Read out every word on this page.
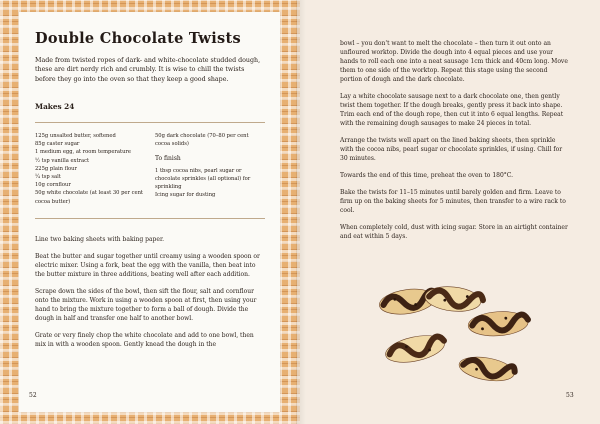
Double Chocolate Twists
Made from twisted ropes of dark- and white-chocolate studded dough, these are dirt nerdy rich and crumbly. It is wise to chill the twists before they go into the oven so that they keep a good shape.
Makes 24
125g unsalted butter, softened
85g caster sugar
1 medium egg, at room temperature
½ tsp vanilla extract
225g plain flour
¼ tsp salt
10g cornflour
50g white chocolate (at least 30 per cent cocoa butter)
50g dark chocolate (70–80 per cent cocoa solids)
To finish
1 tbsp cocoa nibs, pearl sugar or chocolate sprinkles (all optional) for sprinkling
Icing sugar for dusting

Line two baking sheets with baking paper.

Beat the butter and sugar together until creamy using a wooden spoon or electric mixer. Using a fork, beat the egg with the vanilla, then beat into the butter mixture in three additions, beating well after each addition.

Scrape down the sides of the bowl, then sift the flour, salt and cornflour onto the mixture. Work in using a wooden spoon at first, then using your hand to bring the mixture together to form a ball of dough. Divide the dough in half and transfer one half to another bowl.

Grate or very finely chop the white chocolate and add to one bowl, then mix in with a wooden spoon. Gently knead the dough in the

52

bowl – you don't want to melt the chocolate – then turn it out onto an unfloured worktop. Divide the dough into 4 equal pieces and use your hands to roll each one into a neat sausage 1cm thick and 40cm long. Move them to one side of the worktop. Repeat this stage using the second portion of dough and the dark chocolate.

Lay a white chocolate sausage next to a dark chocolate one, then gently twist them together. If the dough breaks, gently press it back into shape. Trim each end of the dough rope, then cut it into 6 equal lengths. Repeat with the remaining dough sausages to make 24 pieces in total.

Arrange the twists well apart on the lined baking sheets, then sprinkle with the cocoa nibs, pearl sugar or chocolate sprinkles, if using. Chill for 30 minutes.

Towards the end of this time, preheat the oven to 180°C.

Bake the twists for 11–15 minutes until barely golden and firm. Leave to firm up on the baking sheets for 5 minutes, then transfer to a wire rack to cool.

When completely cold, dust with icing sugar. Store in an airtight container and eat within 5 days.

53
